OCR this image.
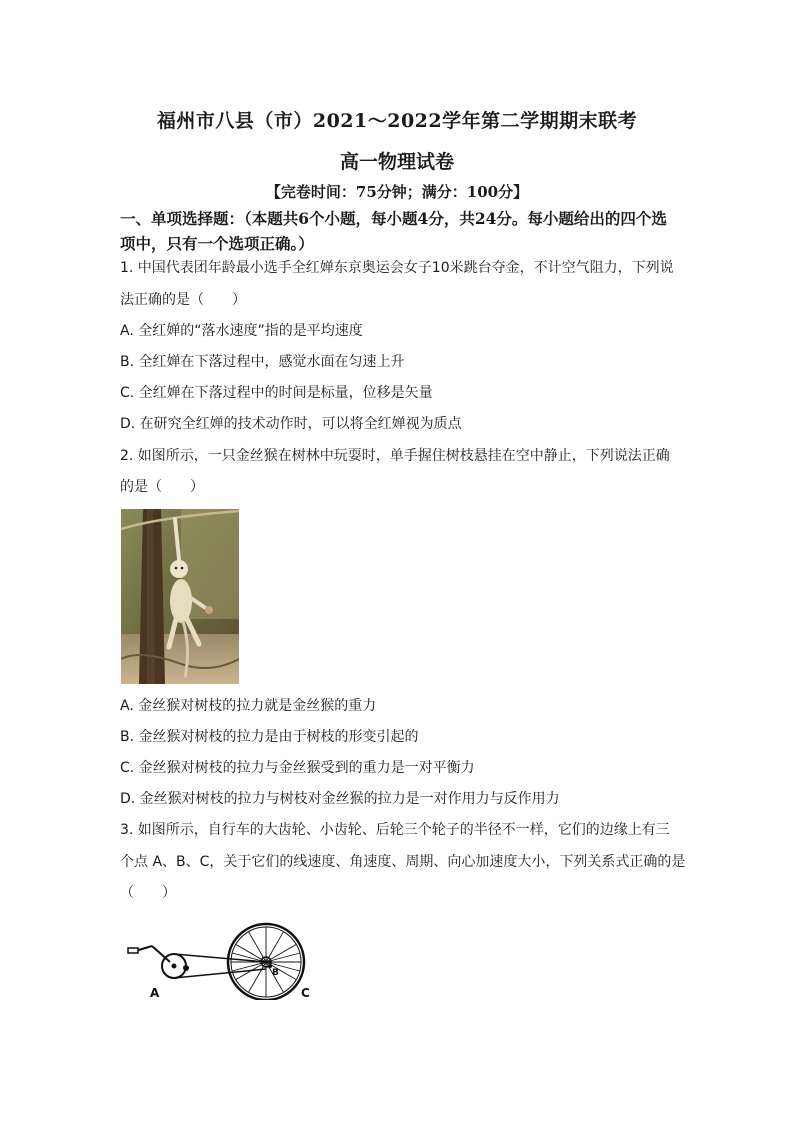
福州市八县（市）2021～2022学年第二学期期末联考
高一物理试卷
【完卷时间：75分钟；满分：100分】
一、单项选择题：（本题共6个小题，每小题4分，共24分。每小题给出的四个选项中，只有一个选项正确。）
1. 中国代表团年龄最小选手全红婵东京奥运会女子10米跳台夺金，不计空气阻力，下列说
法正确的是（　　）
A. 全红婵的“落水速度”指的是平均速度
B. 全红婵在下落过程中，感觉水面在匀速上升
C. 全红婵在下落过程中的时间是标量，位移是矢量
D. 在研究全红婵的技术动作时，可以将全红婵视为质点
2. 如图所示，一只金丝猴在树林中玩耍时，单手握住树枝悬挂在空中静止，下列说法正确
的是（　　）
A. 金丝猴对树枝的拉力就是金丝猴的重力
B. 金丝猴对树枝的拉力是由于树枝的形变引起的
C. 金丝猴对树枝的拉力与金丝猴受到的重力是一对平衡力
D. 金丝猴对树枝的拉力与树枝对金丝猴的拉力是一对作用力与反作用力
3. 如图所示，自行车的大齿轮、小齿轮、后轮三个轮子的半径不一样，它们的边缘上有三
个点 A、B、C，关于它们的线速度、角速度、周期、向心加速度大小，下列关系式正确的是
（　　）
A
B
C
